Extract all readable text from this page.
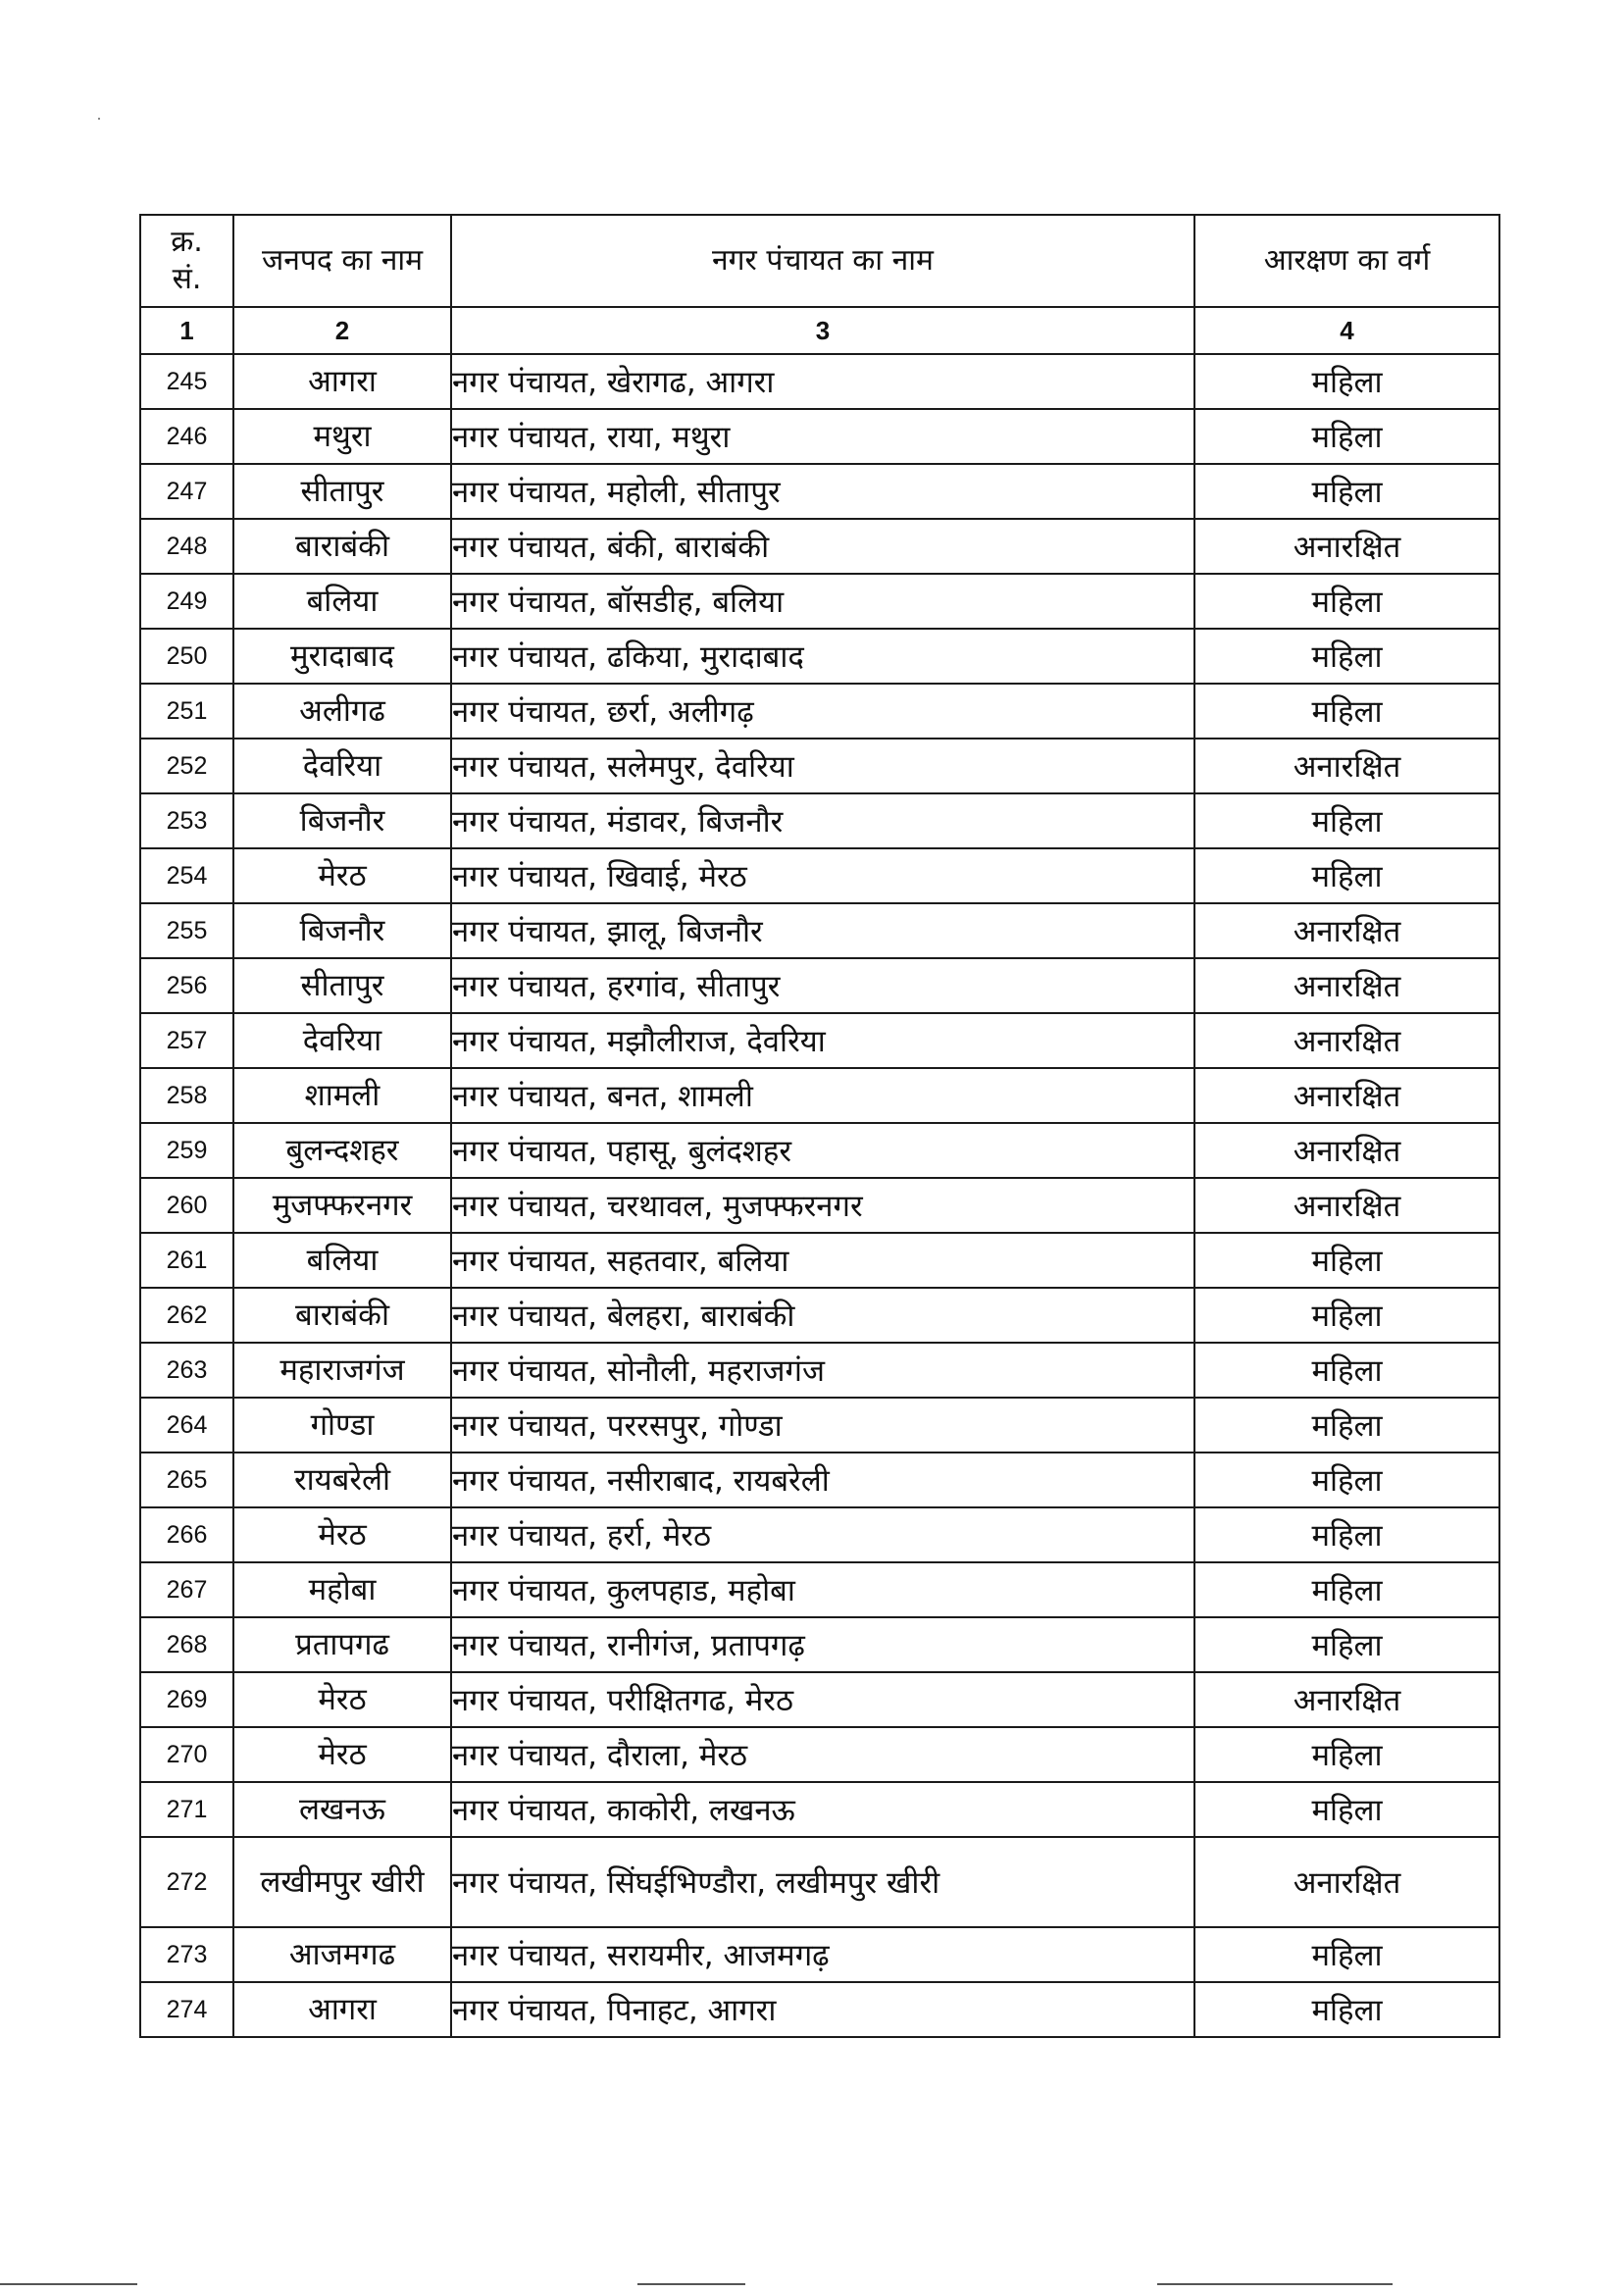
क्र.
सं.	जनपद का नाम	नगर पंचायत का नाम	आरक्षण का वर्ग
1	2	3	4
245	आगरा	नगर पंचायत, खेरागढ, आगरा	महिला
246	मथुरा	नगर पंचायत, राया, मथुरा	महिला
247	सीतापुर	नगर पंचायत, महोली, सीतापुर	महिला
248	बाराबंकी	नगर पंचायत, बंकी, बाराबंकी	अनारक्षित
249	बलिया	नगर पंचायत, बॉसडीह, बलिया	महिला
250	मुरादाबाद	नगर पंचायत, ढकिया, मुरादाबाद	महिला
251	अलीगढ	नगर पंचायत, छर्रा, अलीगढ़	महिला
252	देवरिया	नगर पंचायत, सलेमपुर, देवरिया	अनारक्षित
253	बिजनौर	नगर पंचायत, मंडावर, बिजनौर	महिला
254	मेरठ	नगर पंचायत, खिवाई, मेरठ	महिला
255	बिजनौर	नगर पंचायत, झालू, बिजनौर	अनारक्षित
256	सीतापुर	नगर पंचायत, हरगांव, सीतापुर	अनारक्षित
257	देवरिया	नगर पंचायत, मझौलीराज, देवरिया	अनारक्षित
258	शामली	नगर पंचायत, बनत, शामली	अनारक्षित
259	बुलन्दशहर	नगर पंचायत, पहासू, बुलंदशहर	अनारक्षित
260	मुजफ्फरनगर	नगर पंचायत, चरथावल, मुजफ्फरनगर	अनारक्षित
261	बलिया	नगर पंचायत, सहतवार, बलिया	महिला
262	बाराबंकी	नगर पंचायत, बेलहरा, बाराबंकी	महिला
263	महाराजगंज	नगर पंचायत, सोनौली, महराजगंज	महिला
264	गोण्डा	नगर पंचायत, पररसपुर, गोण्डा	महिला
265	रायबरेली	नगर पंचायत, नसीराबाद, रायबरेली	महिला
266	मेरठ	नगर पंचायत, हर्रा, मेरठ	महिला
267	महोबा	नगर पंचायत, कुलपहाड, महोबा	महिला
268	प्रतापगढ	नगर पंचायत, रानीगंज, प्रतापगढ़	महिला
269	मेरठ	नगर पंचायत, परीक्षितगढ, मेरठ	अनारक्षित
270	मेरठ	नगर पंचायत, दौराला, मेरठ	महिला
271	लखनऊ	नगर पंचायत, काकोरी, लखनऊ	महिला
272	लखीमपुर खीरी	नगर पंचायत, सिंघईभिण्डौरा, लखीमपुर खीरी	अनारक्षित
273	आजमगढ	नगर पंचायत, सरायमीर, आजमगढ़	महिला
274	आगरा	नगर पंचायत, पिनाहट, आगरा	महिला
